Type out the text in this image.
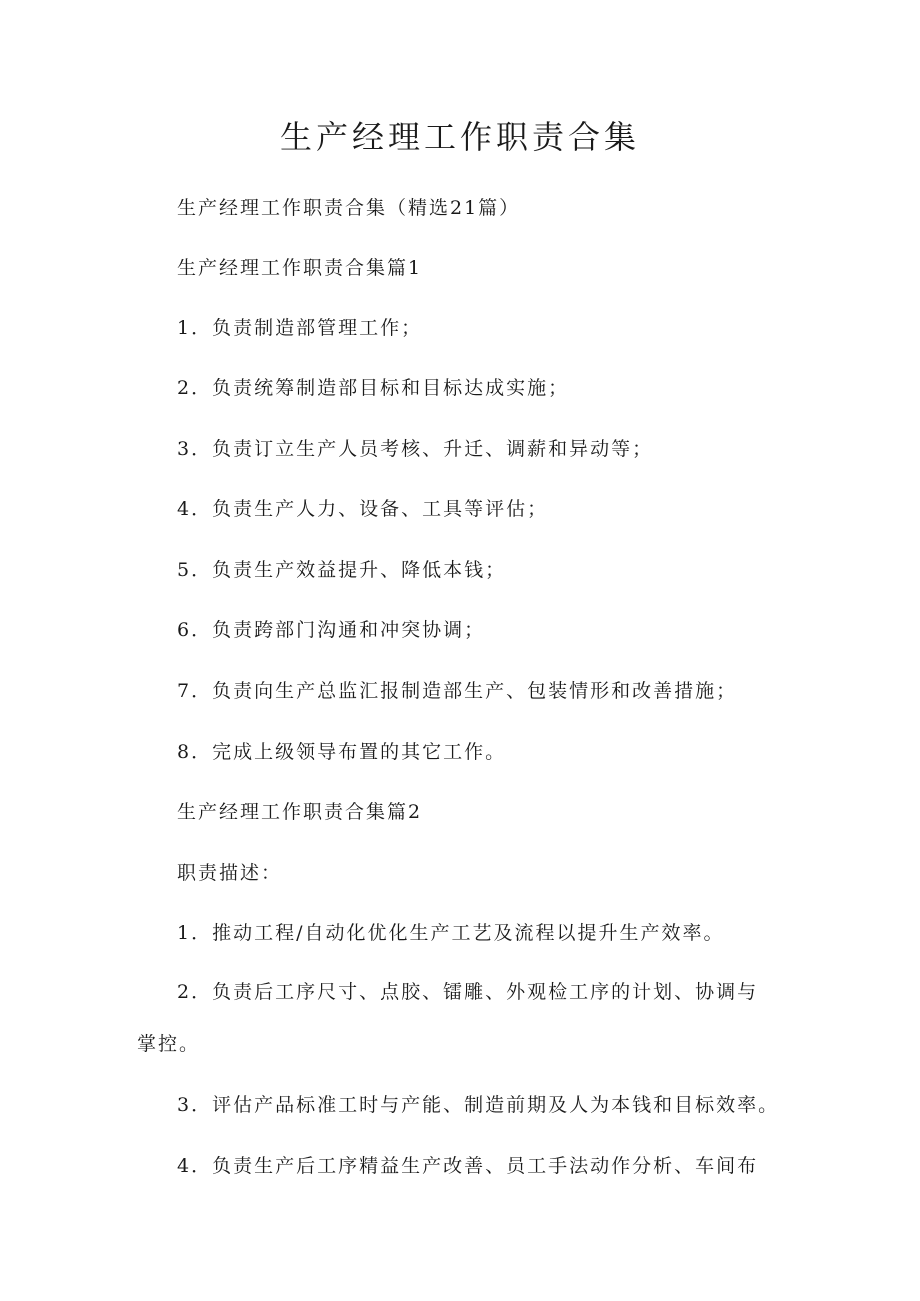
生产经理工作职责合集

生产经理工作职责合集（精选21篇）

生产经理工作职责合集篇1

1．负责制造部管理工作；

2．负责统筹制造部目标和目标达成实施；

3．负责订立生产人员考核、升迁、调薪和异动等；

4．负责生产人力、设备、工具等评估；

5．负责生产效益提升、降低本钱；

6．负责跨部门沟通和冲突协调；

7．负责向生产总监汇报制造部生产、包装情形和改善措施；

8．完成上级领导布置的其它工作。

生产经理工作职责合集篇2

职责描述：

1．推动工程/自动化优化生产工艺及流程以提升生产效率。

2．负责后工序尺寸、点胶、镭雕、外观检工序的计划、协调与掌控。

3．评估产品标准工时与产能、制造前期及人为本钱和目标效率。

4．负责生产后工序精益生产改善、员工手法动作分析、车间布
